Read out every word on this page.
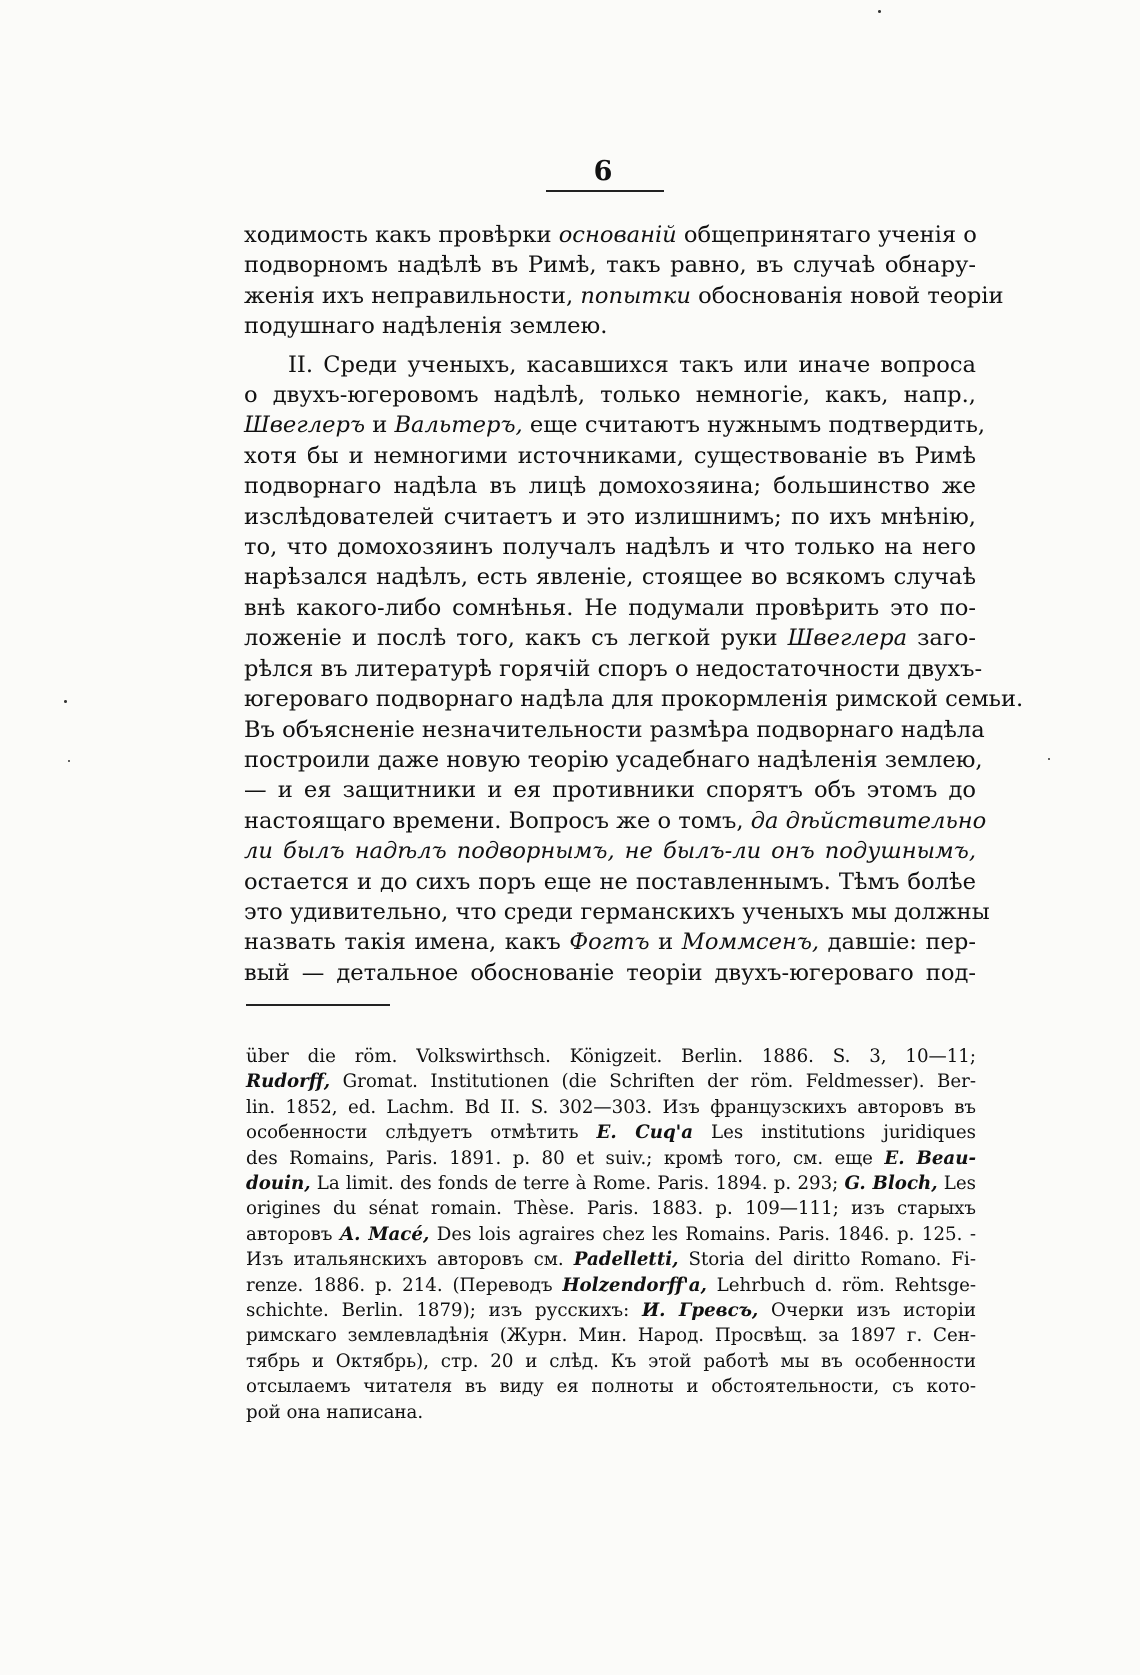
6
ходимость какъ провѣрки основаній общепринятаго ученія о
подворномъ надѣлѣ въ Римѣ, такъ равно, въ случаѣ обнару-
женія ихъ неправильности, попытки обоснованія новой теоріи
подушнаго надѣленія землею.
II. Среди ученыхъ, касавшихся такъ или иначе вопроса
о двухъ-югеровомъ надѣлѣ, только немногіе, какъ, напр.,
Швеглеръ и Вальтеръ, еще считаютъ нужнымъ подтвердить,
хотя бы и немногими источниками, существованіе въ Римѣ
подворнаго надѣла въ лицѣ домохозяина; большинство же
изслѣдователей считаетъ и это излишнимъ; по ихъ мнѣнію,
то, что домохозяинъ получалъ надѣлъ и что только на него
нарѣзался надѣлъ, есть явленіе, стоящее во всякомъ случаѣ
внѣ какого-либо сомнѣнья. Не подумали провѣрить это по-
ложеніе и послѣ того, какъ съ легкой руки Швеглера заго-
рѣлся въ литературѣ горячій споръ о недостаточности двухъ-
югероваго подворнаго надѣла для прокормленія римской семьи.
Въ объясненіе незначительности размѣра подворнаго надѣла
построили даже новую теорію усадебнаго надѣленія землею,
— и ея защитники и ея противники спорятъ объ этомъ до
настоящаго времени. Вопросъ же о томъ, да дѣйствительно
ли былъ надѣлъ подворнымъ, не былъ-ли онъ подушнымъ,
остается и до сихъ поръ еще не поставленнымъ. Тѣмъ болѣе
это удивительно, что среди германскихъ ученыхъ мы должны
назвать такія имена, какъ Фогтъ и Моммсенъ, давшіе: пер-
вый — детальное обоснованіе теоріи двухъ-югероваго под-
über die röm. Volkswirthsch. Königzeit. Berlin. 1886. S. 3, 10—11;
Rudorff, Gromat. Institutionen (die Schriften der röm. Feldmesser). Ber-
lin. 1852, ed. Lachm. Bd II. S. 302—303. Изъ французскихъ авторовъ въ
особенности слѣдуетъ отмѣтить E. Cuq'a Les institutions juridiques
des Romains, Paris. 1891. p. 80 et suiv.; кромѣ того, см. еще E. Beau-
douin, La limit. des fonds de terre à Rome. Paris. 1894. p. 293; G. Bloch, Les
origines du sénat romain. Thèse. Paris. 1883. p. 109—111; изъ старыхъ
авторовъ A. Macé, Des lois agraires chez les Romains. Paris. 1846. p. 125. -
Изъ итальянскихъ авторовъ см. Padelletti, Storia del diritto Romano. Fi-
renze. 1886. p. 214. (Переводъ Holzendorff'a, Lehrbuch d. röm. Rehtsge-
schichte. Berlin. 1879); изъ русскихъ: И. Гревсъ, Очерки изъ исторіи
римскаго землевладѣнія (Журн. Мин. Народ. Просвѣщ. за 1897 г. Сен-
тябрь и Октябрь), стр. 20 и слѣд. Къ этой работѣ мы въ особенности
отсылаемъ читателя въ виду ея полноты и обстоятельности, съ кото-
рой она написана.
